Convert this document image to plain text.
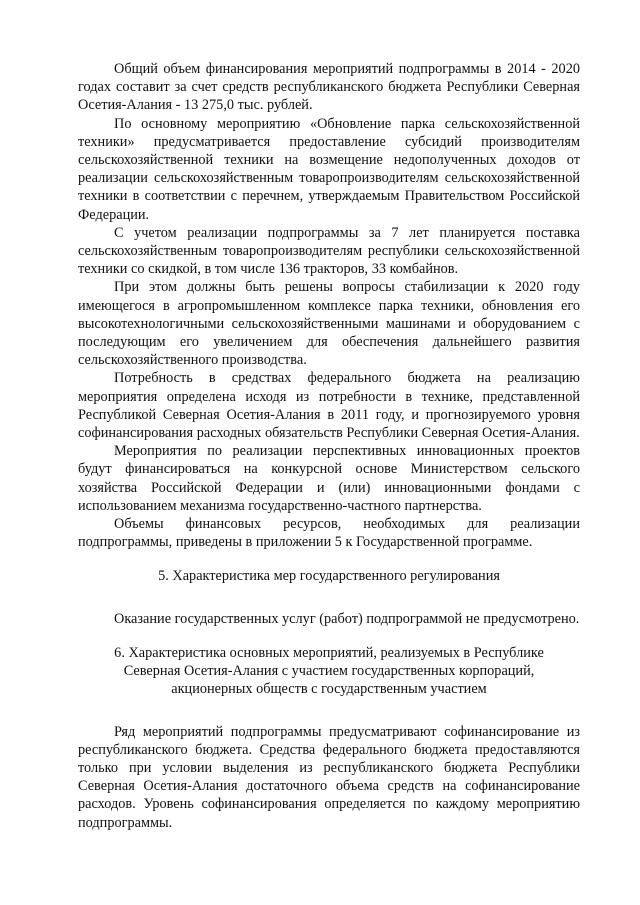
Общий объем финансирования мероприятий подпрограммы в 2014 - 2020 годах составит за счет средств республиканского бюджета Республики Северная Осетия-Алания - 13 275,0 тыс. рублей.

По основному мероприятию «Обновление парка сельскохозяйственной техники» предусматривается предоставление субсидий производителям сельскохозяйственной техники на возмещение недополученных доходов от реализации сельскохозяйственным товаропроизводителям сельскохозяйственной техники в соответствии с перечнем, утверждаемым Правительством Российской Федерации.

С учетом реализации подпрограммы за 7 лет планируется поставка сельскохозяйственным товаропроизводителям республики сельскохозяйственной техники со скидкой, в том числе 136 тракторов, 33 комбайнов.

При этом должны быть решены вопросы стабилизации к 2020 году имеющегося в агропромышленном комплексе парка техники, обновления его высокотехнологичными сельскохозяйственными машинами и оборудованием с последующим его увеличением для обеспечения дальнейшего развития сельскохозяйственного производства.

Потребность в средствах федерального бюджета на реализацию мероприятия определена исходя из потребности в технике, представленной Республикой Северная Осетия-Алания в 2011 году, и прогнозируемого уровня софинансирования расходных обязательств Республики Северная Осетия-Алания.

Мероприятия по реализации перспективных инновационных проектов будут финансироваться на конкурсной основе Министерством сельского хозяйства Российской Федерации и (или) инновационными фондами с использованием механизма государственно-частного партнерства.

Объемы финансовых ресурсов, необходимых для реализации подпрограммы, приведены в приложении 5 к Государственной программе.

5. Характеристика мер государственного регулирования

Оказание государственных услуг (работ) подпрограммой не предусмотрено.

6. Характеристика основных мероприятий, реализуемых в Республике

Северная Осетия-Алания с участием государственных корпораций,

акционерных обществ с государственным участием

Ряд мероприятий подпрограммы предусматривают софинансирование из республиканского бюджета. Средства федерального бюджета предоставляются только при условии выделения из республиканского бюджета Республики Северная Осетия-Алания достаточного объема средств на софинансирование расходов. Уровень софинансирования определяется по каждому мероприятию подпрограммы.
